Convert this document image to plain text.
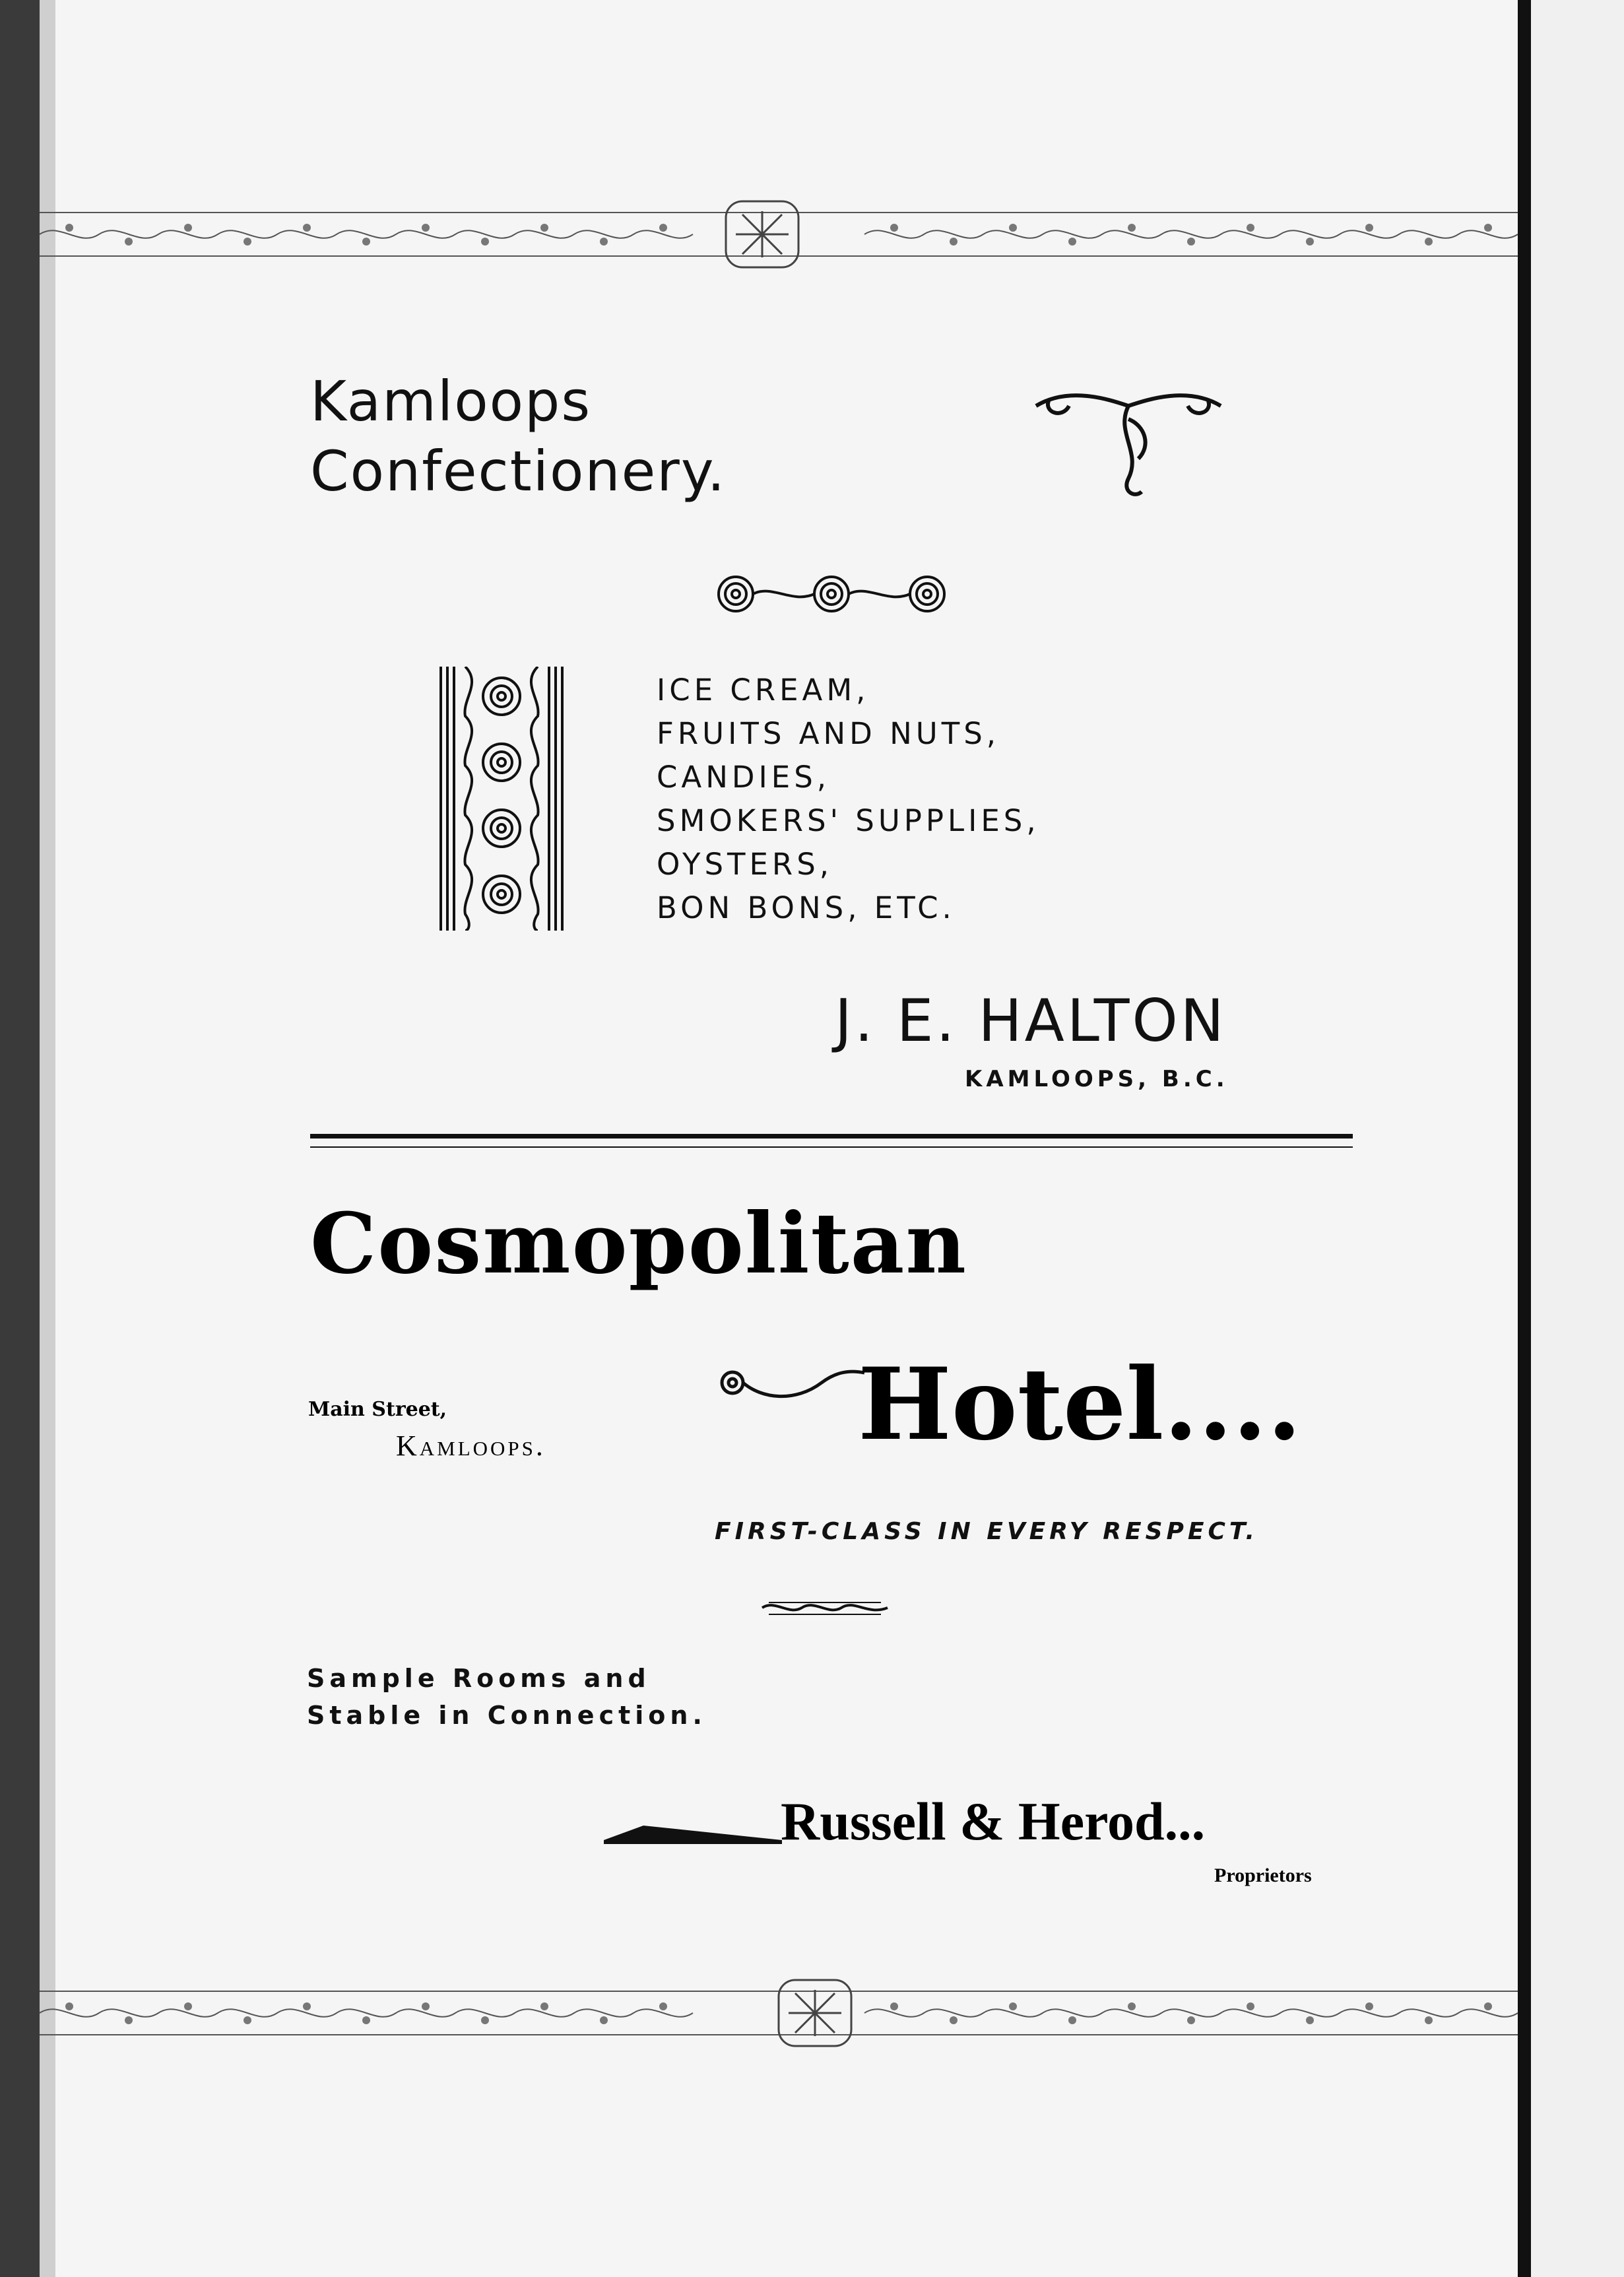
Kamloops
Confectionery.
ICE CREAM,
FRUITS AND NUTS,
CANDIES,
SMOKERS' SUPPLIES,
OYSTERS,
BON BONS, ETC.
J. E. HALTON
KAMLOOPS, B.C.
Cosmopolitan
Main Street,
Kamloops.	Hotel....
FIRST-CLASS IN EVERY RESPECT.
Sample Rooms and
Stable in Connection.
Russell & Herod...
Proprietors
